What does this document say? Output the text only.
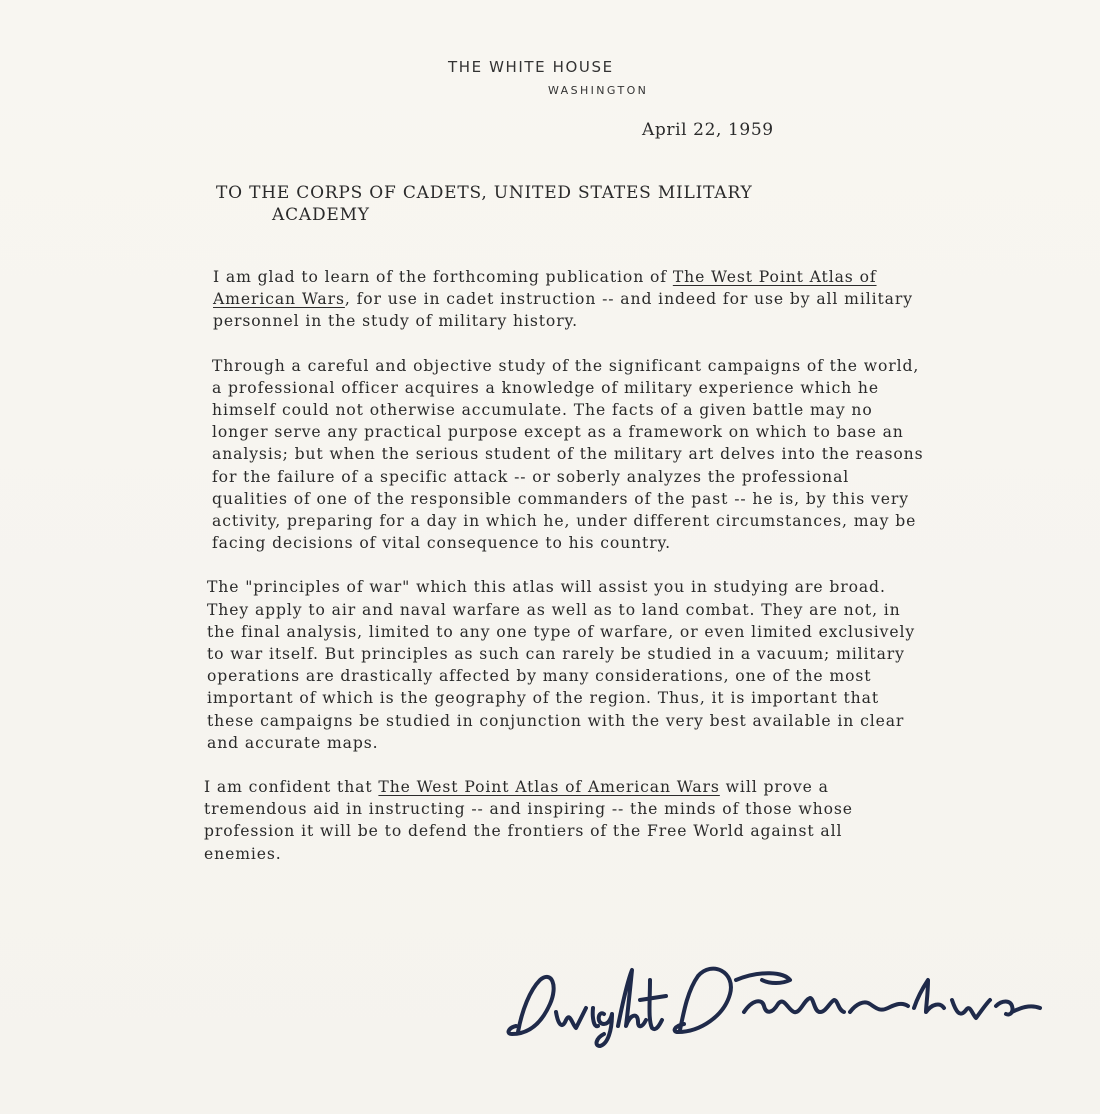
THE WHITE HOUSE
WASHINGTON
April 22, 1959
TO THE CORPS OF CADETS, UNITED STATES MILITARY
ACADEMY

I am glad to learn of the forthcoming publication of The West Point Atlas of American Wars, for use in cadet instruction -- and indeed for use by all military personnel in the study of military history.

Through a careful and objective study of the significant campaigns of the world, a professional officer acquires a knowledge of military experience which he himself could not otherwise accumulate. The facts of a given battle may no longer serve any practical purpose except as a framework on which to base an analysis; but when the serious student of the military art delves into the reasons for the failure of a specific attack -- or soberly analyzes the professional qualities of one of the responsible commanders of the past -- he is, by this very activity, preparing for a day in which he, under different circumstances, may be facing decisions of vital consequence to his country.

The "principles of war" which this atlas will assist you in studying are broad. They apply to air and naval warfare as well as to land combat. They are not, in the final analysis, limited to any one type of warfare, or even limited exclusively to war itself. But principles as such can rarely be studied in a vacuum; military operations are drastically affected by many considerations, one of the most important of which is the geography of the region. Thus, it is important that these campaigns be studied in conjunction with the very best available in clear and accurate maps.

I am confident that The West Point Atlas of American Wars will prove a tremendous aid in instructing -- and inspiring -- the minds of those whose profession it will be to defend the frontiers of the Free World against all enemies.
